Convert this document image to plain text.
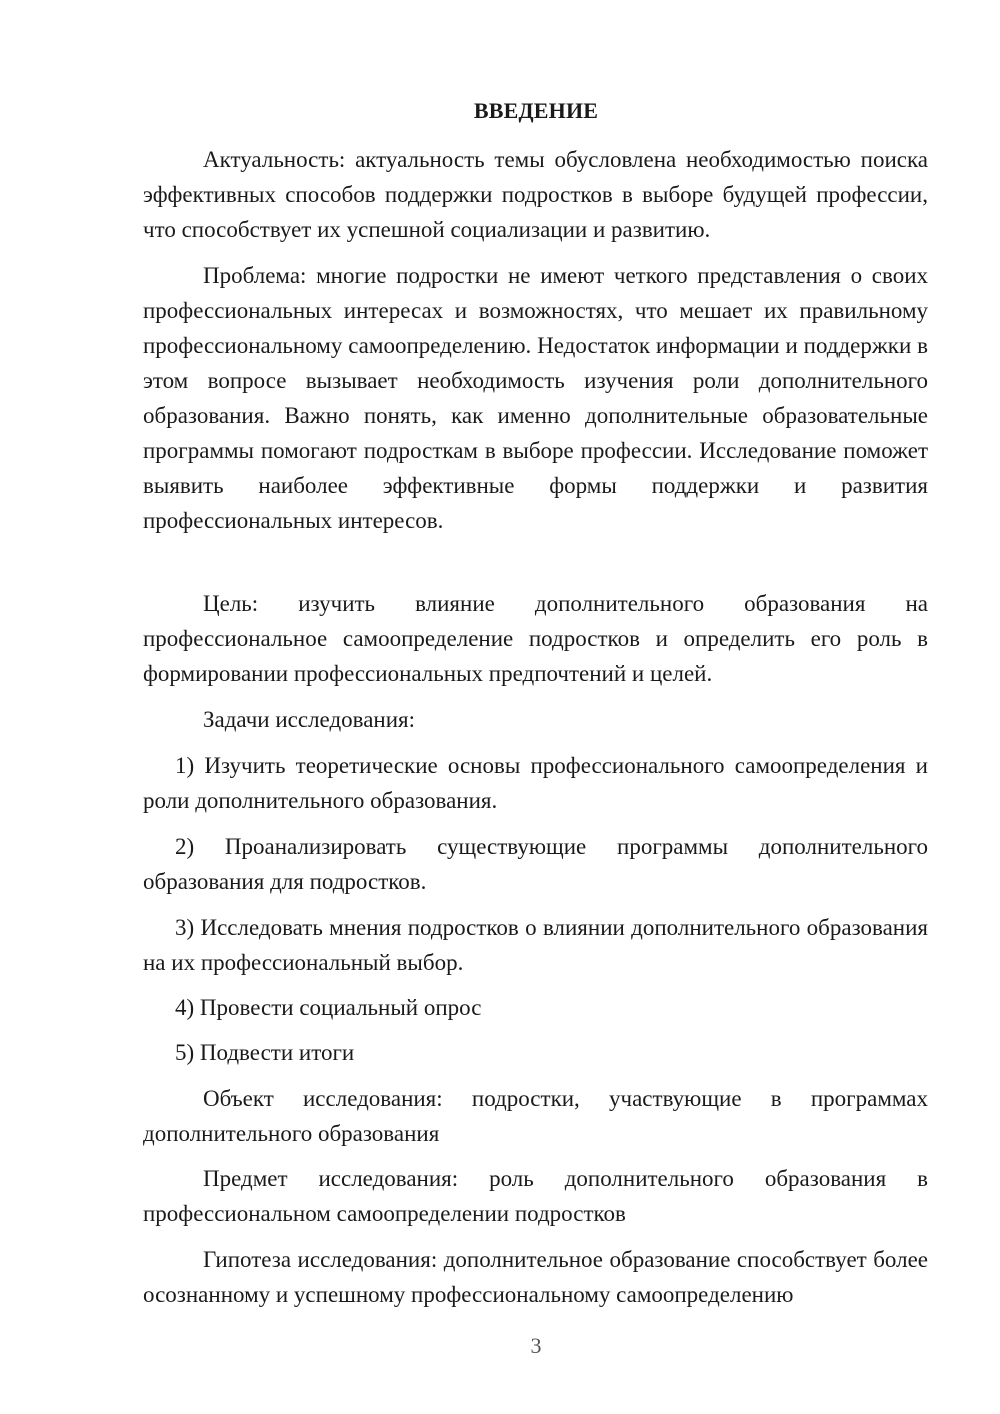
ВВЕДЕНИЕ

Актуальность: актуальность темы обусловлена необходимостью поиска эффективных способов поддержки подростков в выборе будущей профессии, что способствует их успешной социализации и развитию.

Проблема: многие подростки не имеют четкого представления о своих профессиональных интересах и возможностях, что мешает их правильному профессиональному самоопределению. Недостаток информации и поддержки в этом вопросе вызывает необходимость изучения роли дополнительного образования. Важно понять, как именно дополнительные образовательные программы помогают подросткам в выборе профессии. Исследование поможет выявить наиболее эффективные формы поддержки и развития профессиональных интересов.

Цель: изучить влияние дополнительного образования на профессиональное самоопределение подростков и определить его роль в формировании профессиональных предпочтений и целей.

Задачи исследования:

1) Изучить теоретические основы профессионального самоопределения и роли дополнительного образования.

2) Проанализировать существующие программы дополнительного образования для подростков.

3) Исследовать мнения подростков о влиянии дополнительного образования на их профессиональный выбор.

4) Провести социальный опрос

5) Подвести итоги

Объект исследования: подростки, участвующие в программах дополнительного образования

Предмет исследования: роль дополнительного образования в профессиональном самоопределении подростков

Гипотеза исследования: дополнительное образование способствует более осознанному и успешному профессиональному самоопределению

3
